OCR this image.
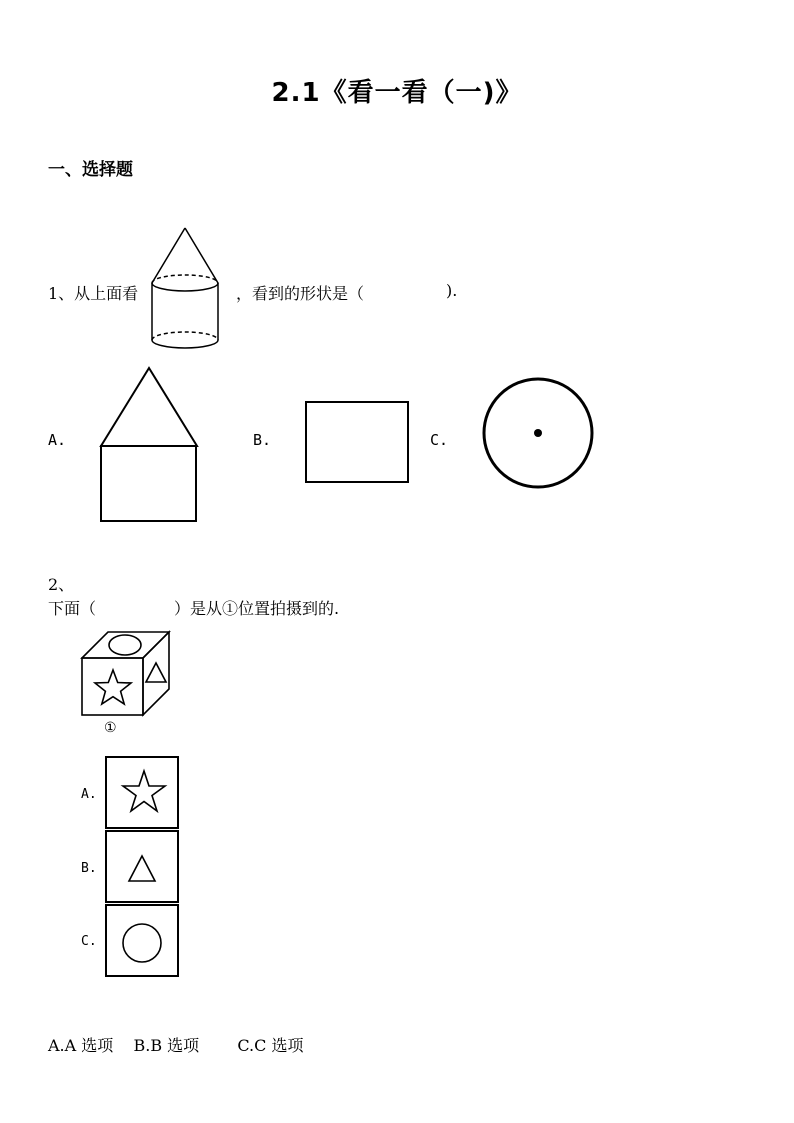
2.1《看一看（一)》
一、选择题
1、从上面看	，看到的形状是（	).
A.	B.	C.
2、
下面（	）是从①位置拍摄到的.
①
A.
B.
C.
A.A 选项 B.B 选项 C.C 选项
